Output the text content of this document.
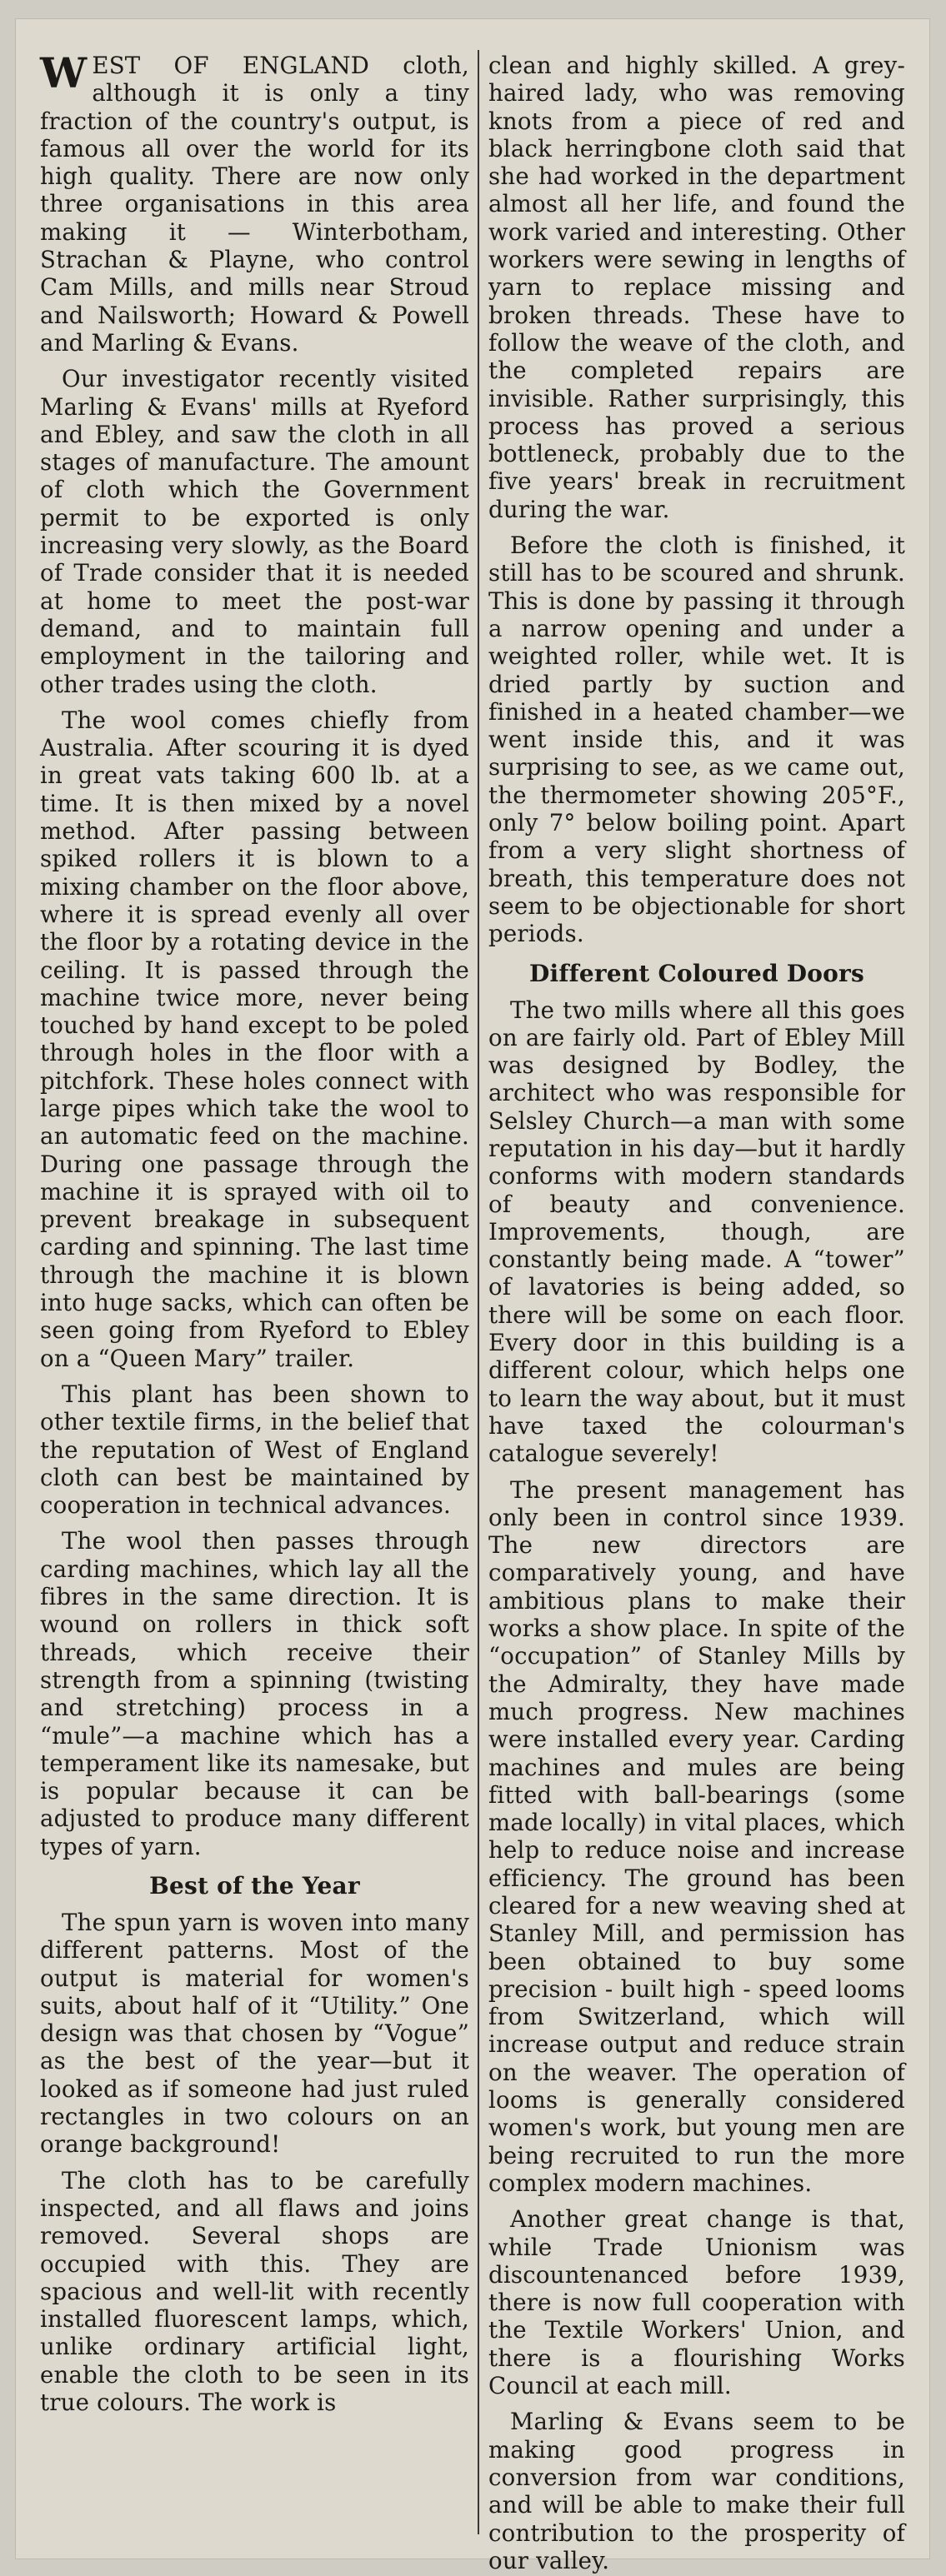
WEST OF ENGLAND cloth, although it is only a tiny fraction of the country's output, is famous all over the world for its high quality. There are now only three organisations in this area making it — Winterbotham, Strachan & Playne, who control Cam Mills, and mills near Stroud and Nailsworth; Howard & Powell and Marling & Evans.

Our investigator recently visited Marling & Evans' mills at Ryeford and Ebley, and saw the cloth in all stages of manufacture. The amount of cloth which the Government permit to be exported is only increasing very slowly, as the Board of Trade consider that it is needed at home to meet the post-war demand, and to maintain full employment in the tailoring and other trades using the cloth.

The wool comes chiefly from Australia. After scouring it is dyed in great vats taking 600 lb. at a time. It is then mixed by a novel method. After passing between spiked rollers it is blown to a mixing chamber on the floor above, where it is spread evenly all over the floor by a rotating device in the ceiling. It is passed through the machine twice more, never being touched by hand except to be poled through holes in the floor with a pitchfork. These holes connect with large pipes which take the wool to an automatic feed on the machine. During one passage through the machine it is sprayed with oil to prevent breakage in subsequent carding and spinning. The last time through the machine it is blown into huge sacks, which can often be seen going from Ryeford to Ebley on a “Queen Mary” trailer.

This plant has been shown to other textile firms, in the belief that the reputation of West of England cloth can best be maintained by cooperation in technical advances.

The wool then passes through carding machines, which lay all the fibres in the same direction. It is wound on rollers in thick soft threads, which receive their strength from a spinning (twisting and stretching) process in a “mule”—a machine which has a temperament like its namesake, but is popular because it can be adjusted to produce many different types of yarn.

Best of the Year

The spun yarn is woven into many different patterns. Most of the output is material for women's suits, about half of it “Utility.” One design was that chosen by “Vogue” as the best of the year—but it looked as if someone had just ruled rectangles in two colours on an orange background!

The cloth has to be carefully inspected, and all flaws and joins removed. Several shops are occupied with this. They are spacious and well-lit with recently installed fluorescent lamps, which, unlike ordinary artificial light, enable the cloth to be seen in its true colours. The work is

clean and highly skilled. A grey-haired lady, who was removing knots from a piece of red and black herringbone cloth said that she had worked in the department almost all her life, and found the work varied and interesting. Other workers were sewing in lengths of yarn to replace missing and broken threads. These have to follow the weave of the cloth, and the completed repairs are invisible. Rather surprisingly, this process has proved a serious bottleneck, probably due to the five years' break in recruitment during the war.

Before the cloth is finished, it still has to be scoured and shrunk. This is done by passing it through a narrow opening and under a weighted roller, while wet. It is dried partly by suction and finished in a heated chamber—we went inside this, and it was surprising to see, as we came out, the thermometer showing 205°F., only 7° below boiling point. Apart from a very slight shortness of breath, this temperature does not seem to be objectionable for short periods.

Different Coloured Doors

The two mills where all this goes on are fairly old. Part of Ebley Mill was designed by Bodley, the architect who was responsible for Selsley Church—a man with some reputation in his day—but it hardly conforms with modern standards of beauty and convenience. Improvements, though, are constantly being made. A “tower” of lavatories is being added, so there will be some on each floor. Every door in this building is a different colour, which helps one to learn the way about, but it must have taxed the colourman's catalogue severely!

The present management has only been in control since 1939. The new directors are comparatively young, and have ambitious plans to make their works a show place. In spite of the “occupation” of Stanley Mills by the Admiralty, they have made much progress. New machines were installed every year. Carding machines and mules are being fitted with ball-bearings (some made locally) in vital places, which help to reduce noise and increase efficiency. The ground has been cleared for a new weaving shed at Stanley Mill, and permission has been obtained to buy some precision - built high - speed looms from Switzerland, which will increase output and reduce strain on the weaver. The operation of looms is generally considered women's work, but young men are being recruited to run the more complex modern machines.

Another great change is that, while Trade Unionism was discountenanced before 1939, there is now full cooperation with the Textile Workers' Union, and there is a flourishing Works Council at each mill.

Marling & Evans seem to be making good progress in conversion from war conditions, and will be able to make their full contribution to the prosperity of our valley.
